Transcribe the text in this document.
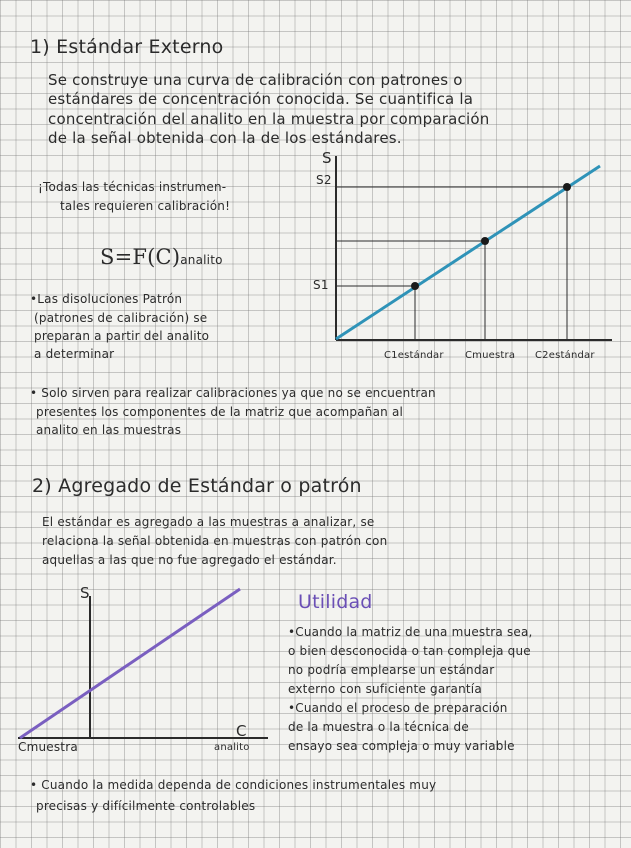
1) Estándar Externo
Se construye una curva de calibración con patrones o
estándares de concentración conocida. Se cuantifica la
concentración del analito en la muestra por comparación
de la señal obtenida con la de los estándares.
¡Todas las técnicas instrumen-
tales requieren calibración!
S=F(C)analito
•Las disoluciones Patrón
(patrones de calibración) se
preparan a partir del analito
a determinar
S
S2
S1
C1estándar Cmuestra C2estándar
• Solo sirven para realizar calibraciones ya que no se encuentran
presentes los componentes de la matriz que acompañan al
analito en las muestras
2) Agregado de Estándar o patrón
El estándar es agregado a las muestras a analizar, se
relaciona la señal obtenida en muestras con patrón con
aquellas a las que no fue agregado el estándar.
S
C
analito
Cmuestra
Utilidad
•Cuando la matriz de una muestra sea,
o bien desconocida o tan compleja que
no podría emplearse un estándar
externo con suficiente garantía
•Cuando el proceso de preparación
de la muestra o la técnica de
ensayo sea compleja o muy variable
• Cuando la medida dependa de condiciones instrumentales muy
precisas y difícilmente controlables
